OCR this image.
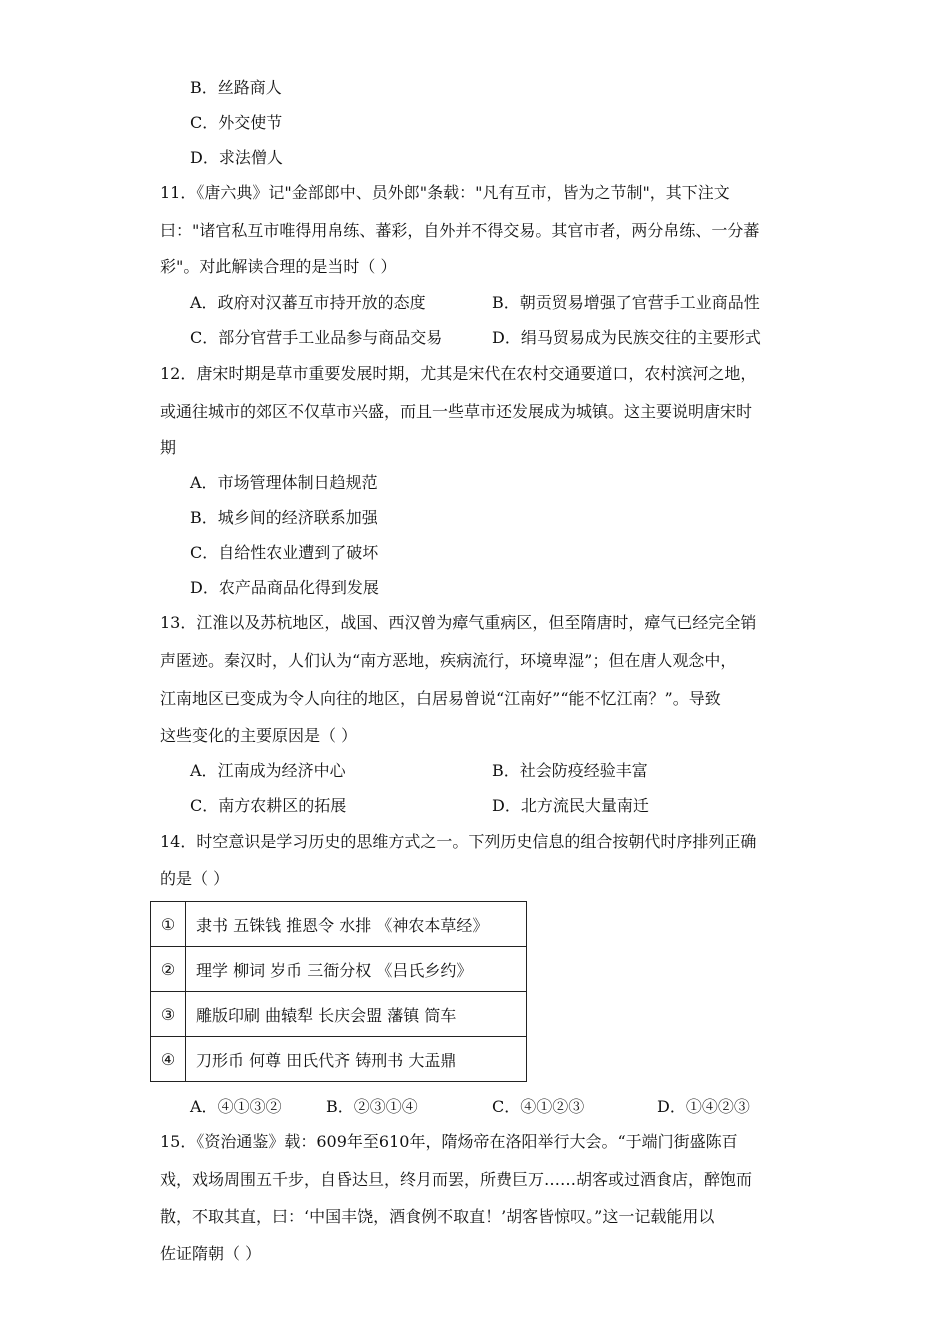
B．丝路商人
C．外交使节
D．求法僧人
11．《唐六典》记"金部郎中、员外郎"条载："凡有互市，皆为之节制"，其下注文
曰："诸官私互市唯得用帛练、蕃彩，自外并不得交易。其官市者，两分帛练、一分蕃
彩"。对此解读合理的是当时（ ）
A．政府对汉蕃互市持开放的态度	B．朝贡贸易增强了官营手工业商品性
C．部分官营手工业品参与商品交易	D．绢马贸易成为民族交往的主要形式
12．唐宋时期是草市重要发展时期，尤其是宋代在农村交通要道口，农村滨河之地，
或通往城市的郊区不仅草市兴盛，而且一些草市还发展成为城镇。这主要说明唐宋时
期
A．市场管理体制日趋规范
B．城乡间的经济联系加强
C．自给性农业遭到了破坏
D．农产品商品化得到发展
13．江淮以及苏杭地区，战国、西汉曾为瘴气重病区，但至隋唐时，瘴气已经完全销
声匿迹。秦汉时，人们认为“南方恶地，疾病流行，环境卑湿”；但在唐人观念中，
江南地区已变成为令人向往的地区，白居易曾说“江南好”“能不忆江南？”。导致
这些变化的主要原因是（ ）
A．江南成为经济中心	B．社会防疫经验丰富
C．南方农耕区的拓展	D．北方流民大量南迁
14．时空意识是学习历史的思维方式之一。下列历史信息的组合按朝代时序排列正确
的是（ ）
①	隶书 五铢钱 推恩令 水排 《神农本草经》
②	理学 柳词 岁币 三衙分权 《吕氏乡约》
③	雕版印刷 曲辕犁 长庆会盟 藩镇 筒车
④	刀形币 何尊 田氏代齐 铸刑书 大盂鼎
A．④①③②	B．②③①④	C．④①②③	D．①④②③
15．《资治通鉴》载：609年至610年，隋炀帝在洛阳举行大会。“于端门街盛陈百
戏，戏场周围五千步，自昏达旦，终月而罢，所费巨万……胡客或过酒食店，醉饱而
散，不取其直，曰：‘中国丰饶，酒食例不取直！’胡客皆惊叹。”这一记载能用以
佐证隋朝（ ）
